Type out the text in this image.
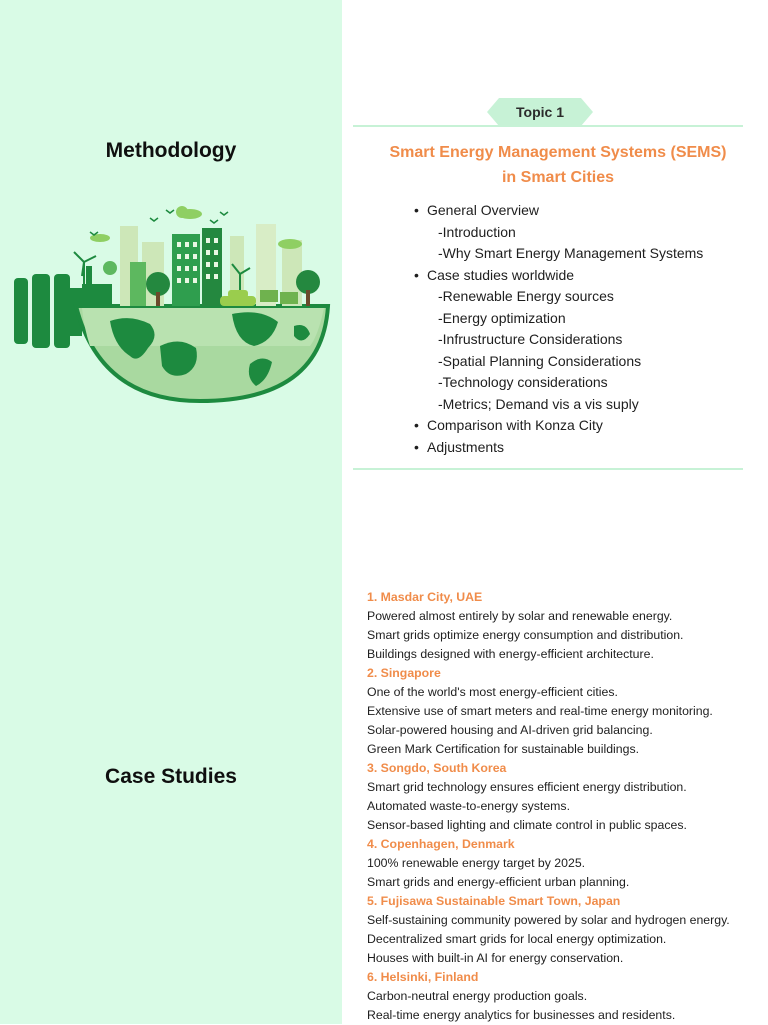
Methodology
Case Studies
Topic 1
Smart Energy Management Systems (SEMS)
in Smart Cities
• General Overview
-Introduction
-Why Smart Energy Management Systems
• Case studies worldwide
-Renewable Energy sources
-Energy optimization
-Infrustructure Considerations
-Spatial Planning Considerations
-Technology considerations
-Metrics; Demand vis a vis suply
• Comparison with Konza City
• Adjustments
1. Masdar City, UAE
Powered almost entirely by solar and renewable energy.
Smart grids optimize energy consumption and distribution.
Buildings designed with energy-efficient architecture.
2. Singapore
One of the world's most energy-efficient cities.
Extensive use of smart meters and real-time energy monitoring.
Solar-powered housing and AI-driven grid balancing.
Green Mark Certification for sustainable buildings.
3. Songdo, South Korea
Smart grid technology ensures efficient energy distribution.
Automated waste-to-energy systems.
Sensor-based lighting and climate control in public spaces.
4. Copenhagen, Denmark
100% renewable energy target by 2025.
Smart grids and energy-efficient urban planning.
5. Fujisawa Sustainable Smart Town, Japan
Self-sustaining community powered by solar and hydrogen energy.
Decentralized smart grids for local energy optimization.
Houses with built-in AI for energy conservation.
6. Helsinki, Finland
Carbon-neutral energy production goals.
Real-time energy analytics for businesses and residents.
